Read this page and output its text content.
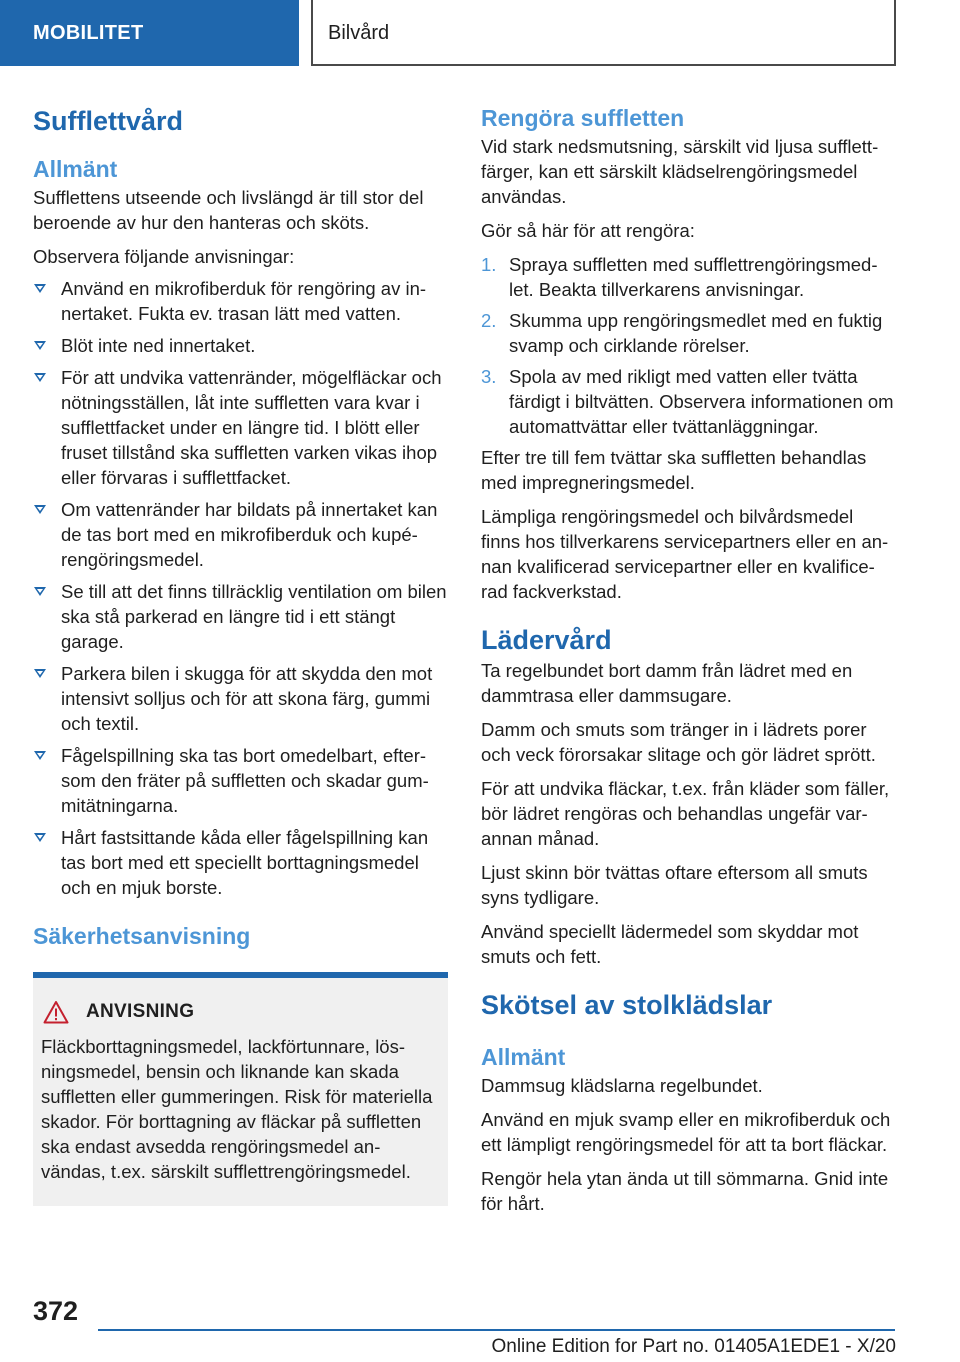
MOBILITET	Bilvård
Sufflettvård
Allmänt

Sufflettens utseende och livslängd är till stor del beroende av hur den hanteras och sköts.

Observera följande anvisningar:

Använd en mikrofiberduk för rengöring av innertaket. Fukta ev. trasan lätt med vatten.
Blöt inte ned innertaket.
För att undvika vattenränder, mögelfläckar och nötningsställen, låt inte suffletten vara kvar i sufflettfacket under en längre tid. I blött eller fruset tillstånd ska suffletten varken vikas ihop eller förvaras i sufflettfacket.
Om vattenränder har bildats på innertaket kan de tas bort med en mikrofiberduk och kupérengöringsmedel.
Se till att det finns tillräcklig ventilation om bilen ska stå parkerad en längre tid i ett stängt garage.
Parkera bilen i skugga för att skydda den mot intensivt solljus och för att skona färg, gummi och textil.
Fågelspillning ska tas bort omedelbart, eftersom den fräter på suffletten och skadar gummitätningarna.
Hårt fastsittande kåda eller fågelspillning kan tas bort med ett speciellt borttagningsmedel och en mjuk borste.
Säkerhetsanvisning
ANVISNING

Fläckborttagningsmedel, lackförtunnare, lösningsmedel, bensin och liknande kan skada suffletten eller gummeringen. Risk för materiella skador. För borttagning av fläckar på suffletten ska endast avsedda rengöringsmedel användas, t.ex. särskilt sufflettrengöringsmedel.

Rengöra suffletten

Vid stark nedsmutsning, särskilt vid ljusa sufflettfärger, kan ett särskilt klädselrengöringsmedel användas.

Gör så här för att rengöra:

1. Spraya suffletten med sufflettrengöringsmedlet. Beakta tillverkarens anvisningar.
2. Skumma upp rengöringsmedlet med en fuktig svamp och cirklande rörelser.
3. Spola av med rikligt med vatten eller tvätta färdigt i biltvätten. Observera informationen om automattvättar eller tvättanläggningar.

Efter tre till fem tvättar ska suffletten behandlas med impregneringsmedel.

Lämpliga rengöringsmedel och bilvårdsmedel finns hos tillverkarens servicepartners eller en annan kvalificerad servicepartner eller en kvalificerad fackverkstad.

Lädervård

Ta regelbundet bort damm från lädret med en dammtrasa eller dammsugare.

Damm och smuts som tränger in i lädrets porer och veck förorsakar slitage och gör lädret sprött.

För att undvika fläckar, t.ex. från kläder som fäller, bör lädret rengöras och behandlas ungefär varannan månad.

Ljust skinn bör tvättas oftare eftersom all smuts syns tydligare.

Använd speciellt lädermedel som skyddar mot smuts och fett.

Skötsel av stolklädslar
Allmänt

Dammsug klädslarna regelbundet.

Använd en mjuk svamp eller en mikrofiberduk och ett lämpligt rengöringsmedel för att ta bort fläckar.

Rengör hela ytan ända ut till sömmarna. Gnid inte för hårt.

372
Online Edition for Part no. 01405A1EDE1 - X/20
